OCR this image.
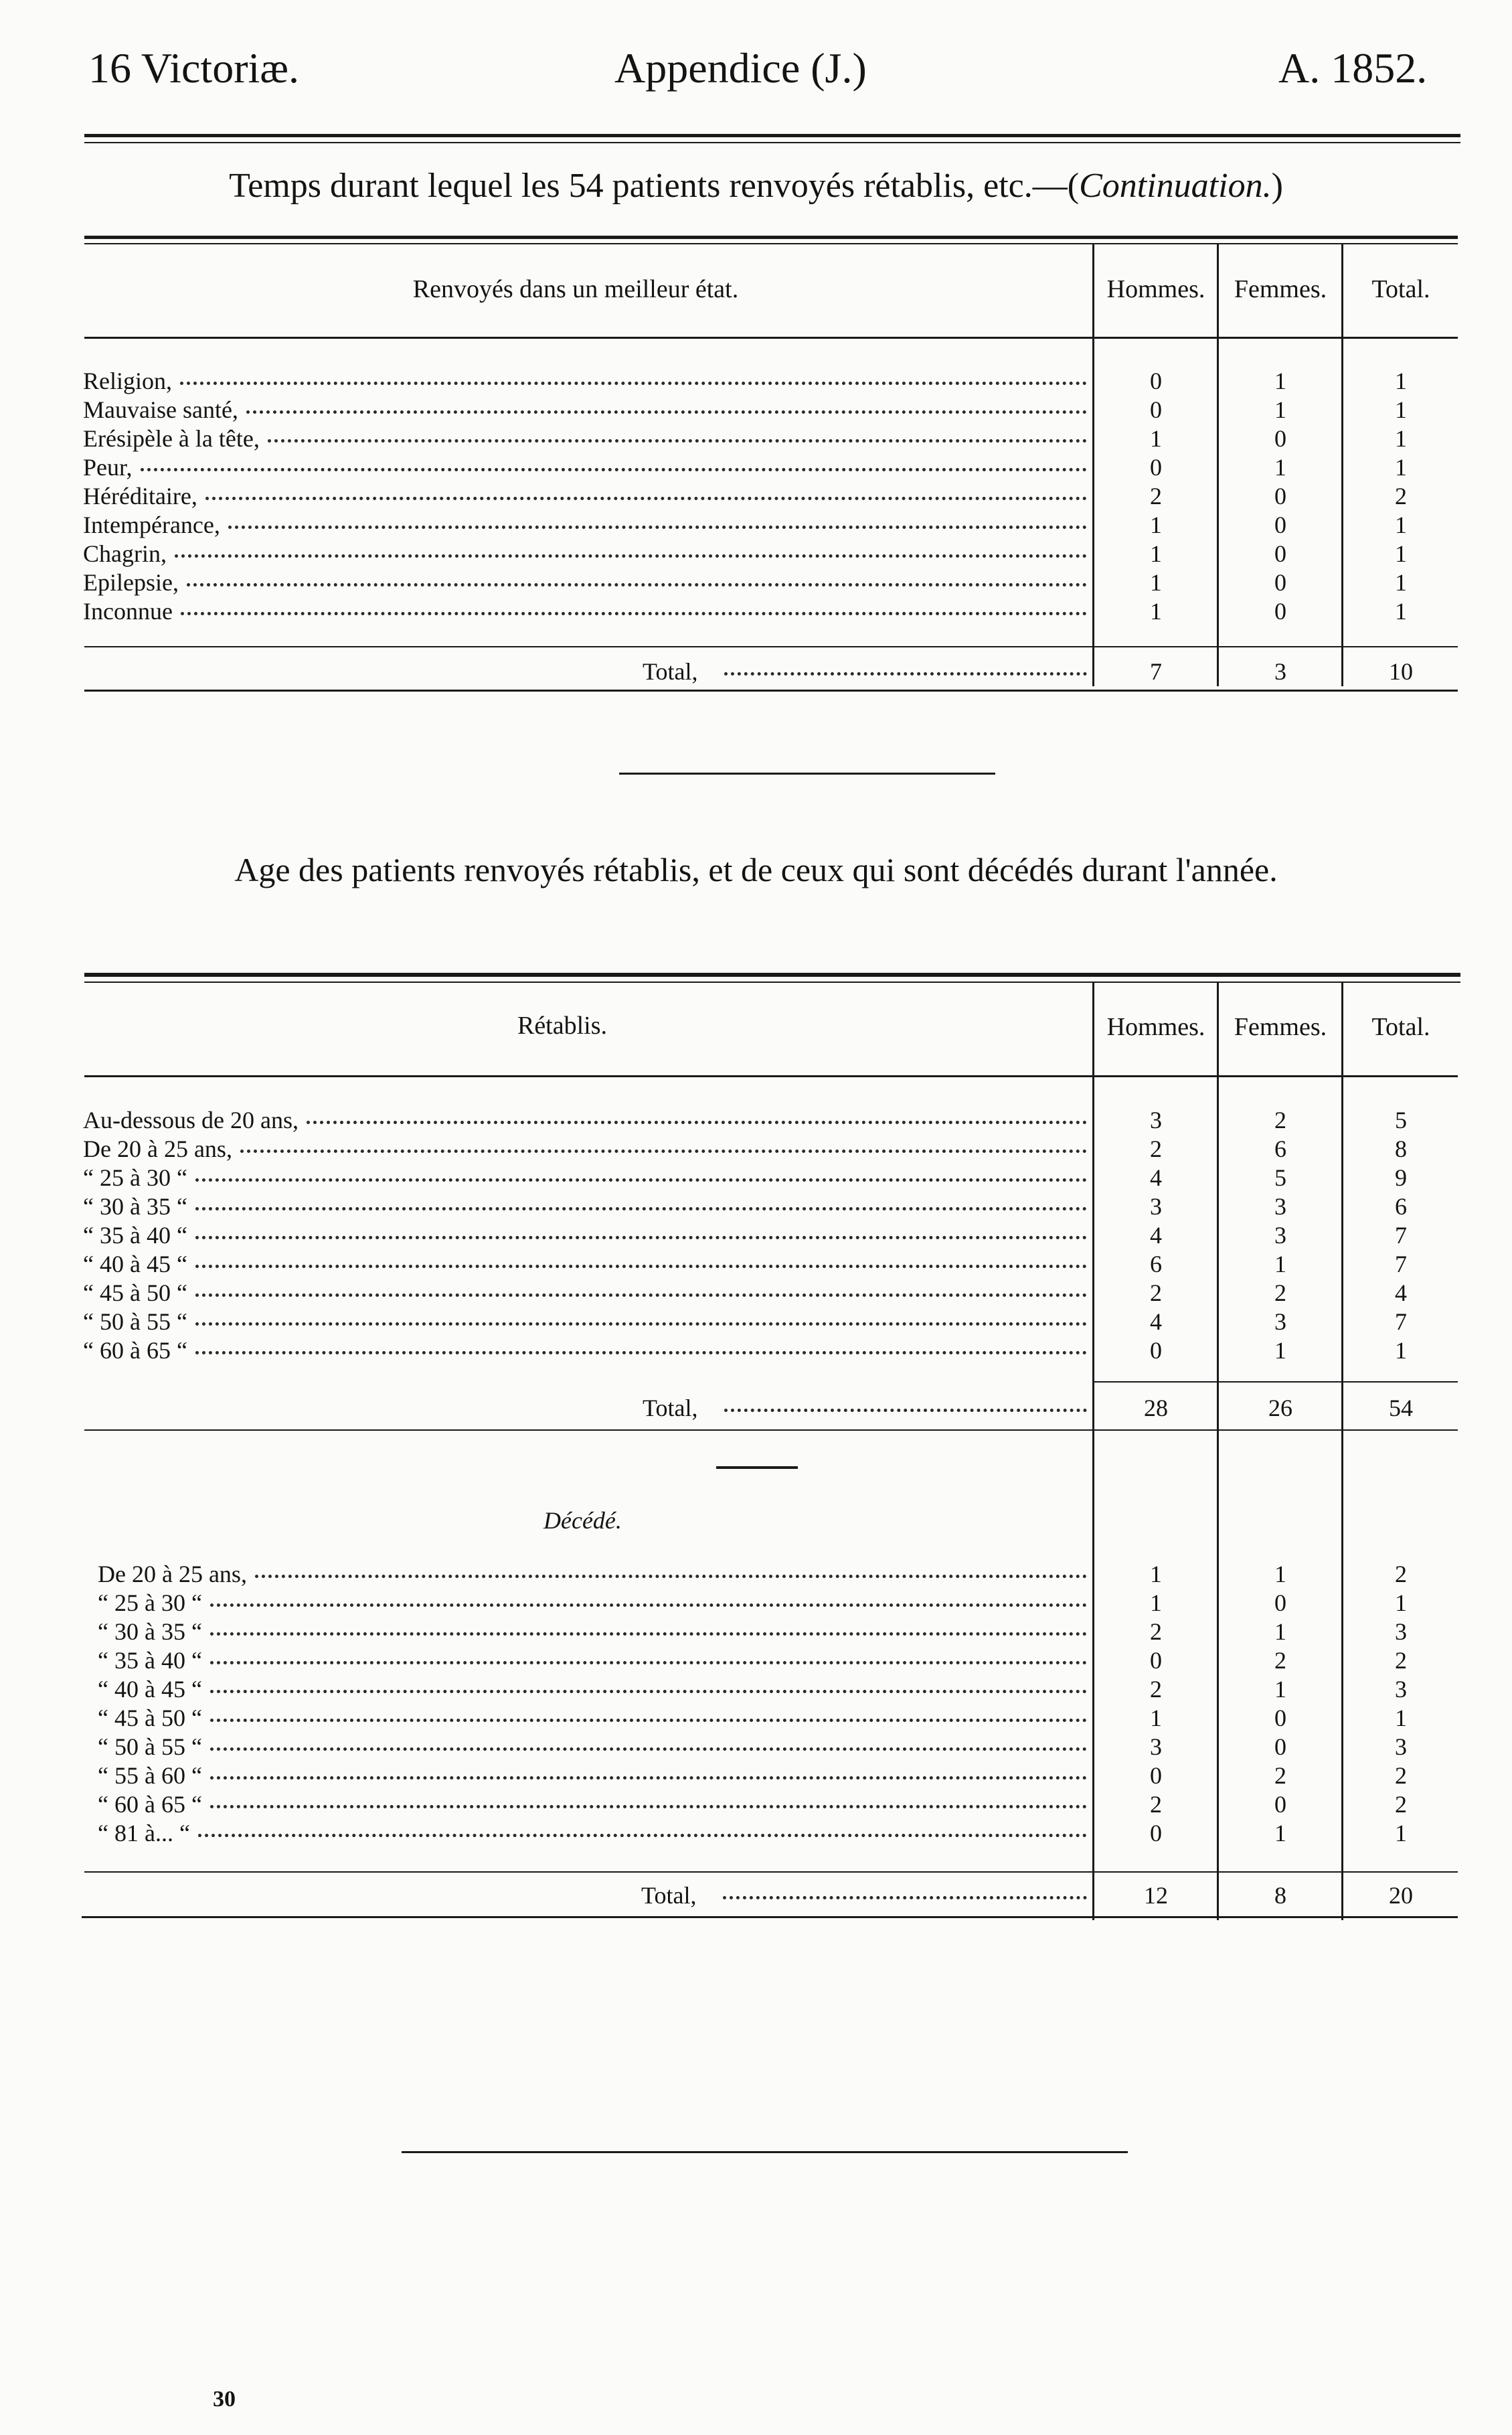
16 Victoriæ.	Appendice (J.)	A. 1852.
Temps durant lequel les 54 patients renvoyés rétablis, etc.—(Continuation.)
Renvoyés dans un meilleur état.	Hommes.	Femmes.	Total.
Religion,	0	1	1
Mauvaise santé,	0	1	1
Erésipèle à la tête,	1	0	1
Peur,	0	1	1
Héréditaire,	2	0	2
Intempérance,	1	0	1
Chagrin,	1	0	1
Epilepsie,	1	0	1
Inconnue	1	0	1
Total,	7	3	10
Age des patients renvoyés rétablis, et de ceux qui sont décédés durant l'année.
Rétablis.	Hommes.	Femmes.	Total.
Au-dessous de 20 ans,	3	2	5
De 20 à 25 ans,	2	6	8
“ 25 à 30 “	4	5	9
“ 30 à 35 “	3	3	6
“ 35 à 40 “	4	3	7
“ 40 à 45 “	6	1	7
“ 45 à 50 “	2	2	4
“ 50 à 55 “	4	3	7
“ 60 à 65 “	0	1	1
Total,	28	26	54
Décédé.
De 20 à 25 ans,	1	1	2
“ 25 à 30 “	1	0	1
“ 30 à 35 “	2	1	3
“ 35 à 40 “	0	2	2
“ 40 à 45 “	2	1	3
“ 45 à 50 “	1	0	1
“ 50 à 55 “	3	0	3
“ 55 à 60 “	0	2	2
“ 60 à 65 “	2	0	2
“ 81 à... “	0	1	1
Total,	12	8	20
30
